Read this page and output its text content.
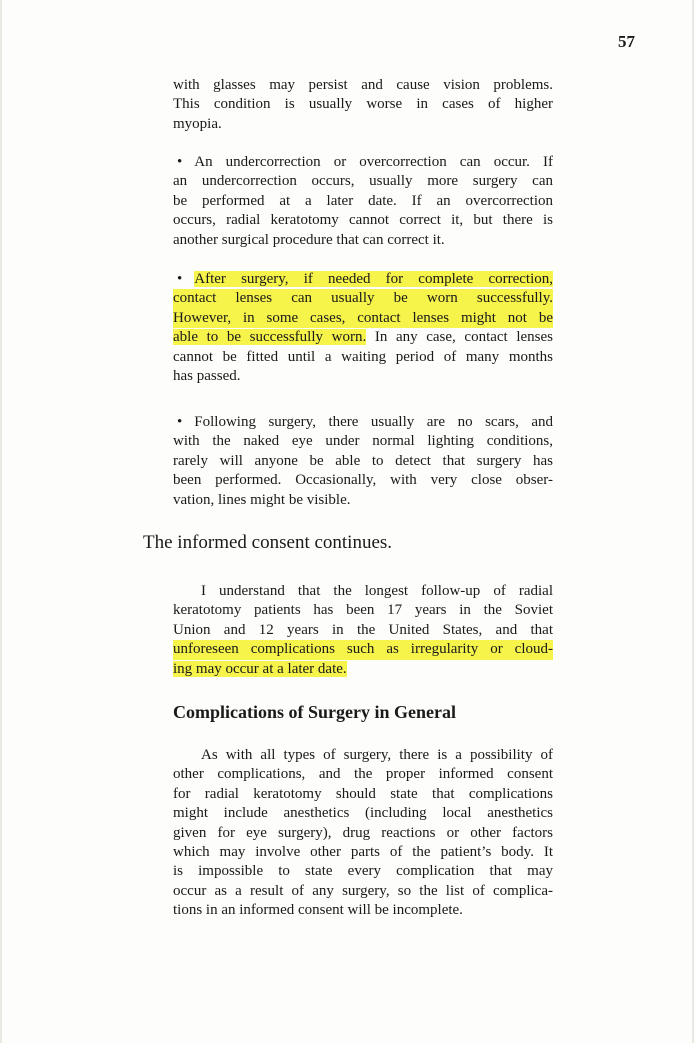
57
with glasses may persist and cause vision problems.
This condition is usually worse in cases of higher
myopia.
• An undercorrection or overcorrection can occur. If
an undercorrection occurs, usually more surgery can
be performed at a later date. If an overcorrection
occurs, radial keratotomy cannot correct it, but there is
another surgical procedure that can correct it.
• After surgery, if needed for complete correction,
contact lenses can usually be worn successfully.
However, in some cases, contact lenses might not be
able to be successfully worn. In any case, contact lenses
cannot be fitted until a waiting period of many months
has passed.
• Following surgery, there usually are no scars, and
with the naked eye under normal lighting conditions,
rarely will anyone be able to detect that surgery has
been performed. Occasionally, with very close obser-
vation, lines might be visible.
The informed consent continues.
I understand that the longest follow-up of radial
keratotomy patients has been 17 years in the Soviet
Union and 12 years in the United States, and that
unforeseen complications such as irregularity or cloud-
ing may occur at a later date.
Complications of Surgery in General
As with all types of surgery, there is a possibility of
other complications, and the proper informed consent
for radial keratotomy should state that complications
might include anesthetics (including local anesthetics
given for eye surgery), drug reactions or other factors
which may involve other parts of the patient’s body. It
is impossible to state every complication that may
occur as a result of any surgery, so the list of complica-
tions in an informed consent will be incomplete.
